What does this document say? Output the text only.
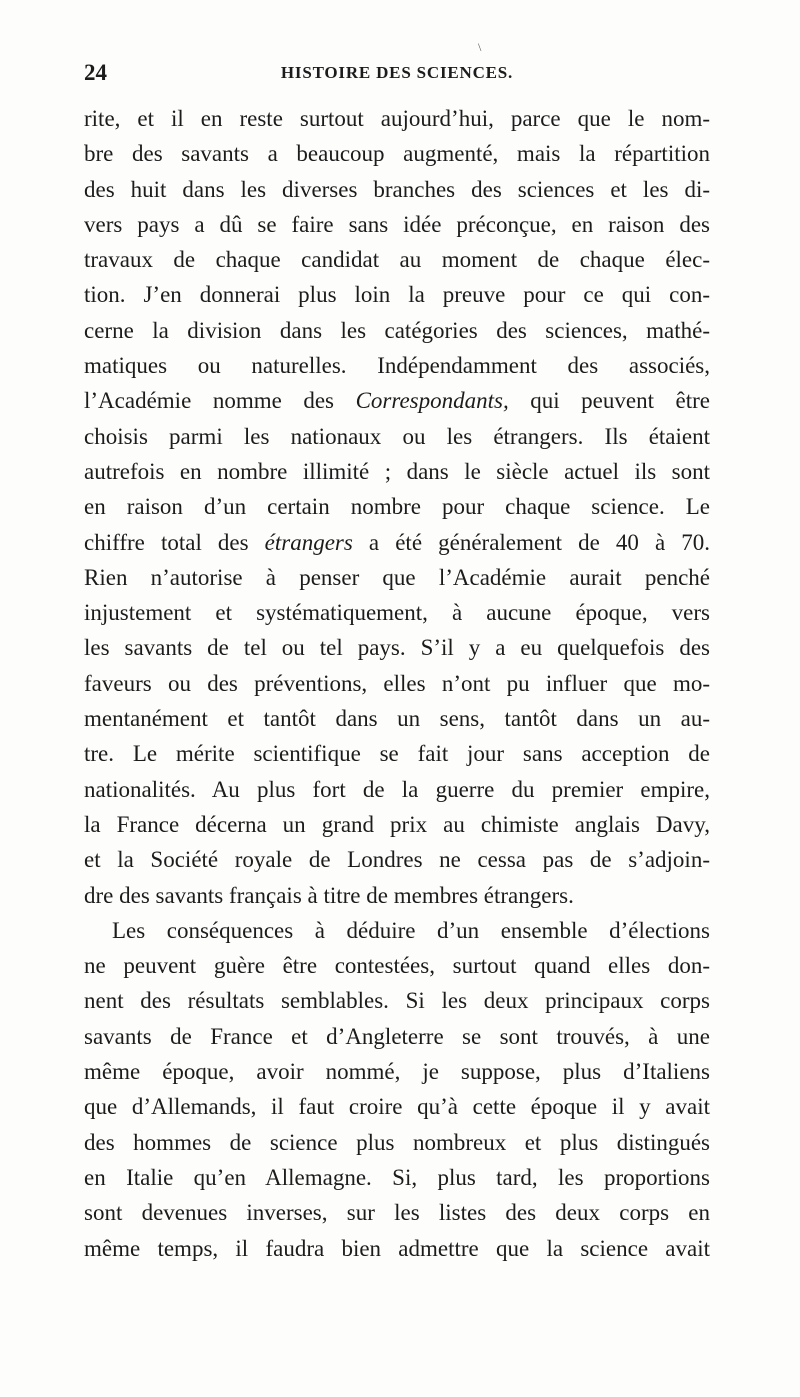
\
24	HISTOIRE DES SCIENCES.
rite, et il en reste surtout aujourd’hui, parce que le nom-
bre des savants a beaucoup augmenté, mais la répartition
des huit dans les diverses branches des sciences et les di-
vers pays a dû se faire sans idée préconçue, en raison des
travaux de chaque candidat au moment de chaque élec-
tion. J’en donnerai plus loin la preuve pour ce qui con-
cerne la division dans les catégories des sciences, mathé-
matiques ou naturelles. Indépendamment des associés,
l’Académie nomme des Correspondants, qui peuvent être
choisis parmi les nationaux ou les étrangers. Ils étaient
autrefois en nombre illimité ; dans le siècle actuel ils sont
en raison d’un certain nombre pour chaque science. Le
chiffre total des étrangers a été généralement de 40 à 70.
Rien n’autorise à penser que l’Académie aurait penché
injustement et systématiquement, à aucune époque, vers
les savants de tel ou tel pays. S’il y a eu quelquefois des
faveurs ou des préventions, elles n’ont pu influer que mo-
mentanément et tantôt dans un sens, tantôt dans un au-
tre. Le mérite scientifique se fait jour sans acception de
nationalités. Au plus fort de la guerre du premier empire,
la France décerna un grand prix au chimiste anglais Davy,
et la Société royale de Londres ne cessa pas de s’adjoin-
dre des savants français à titre de membres étrangers.
Les conséquences à déduire d’un ensemble d’élections
ne peuvent guère être contestées, surtout quand elles don-
nent des résultats semblables. Si les deux principaux corps
savants de France et d’Angleterre se sont trouvés, à une
même époque, avoir nommé, je suppose, plus d’Italiens
que d’Allemands, il faut croire qu’à cette époque il y avait
des hommes de science plus nombreux et plus distingués
en Italie qu’en Allemagne. Si, plus tard, les proportions
sont devenues inverses, sur les listes des deux corps en
même temps, il faudra bien admettre que la science avait
